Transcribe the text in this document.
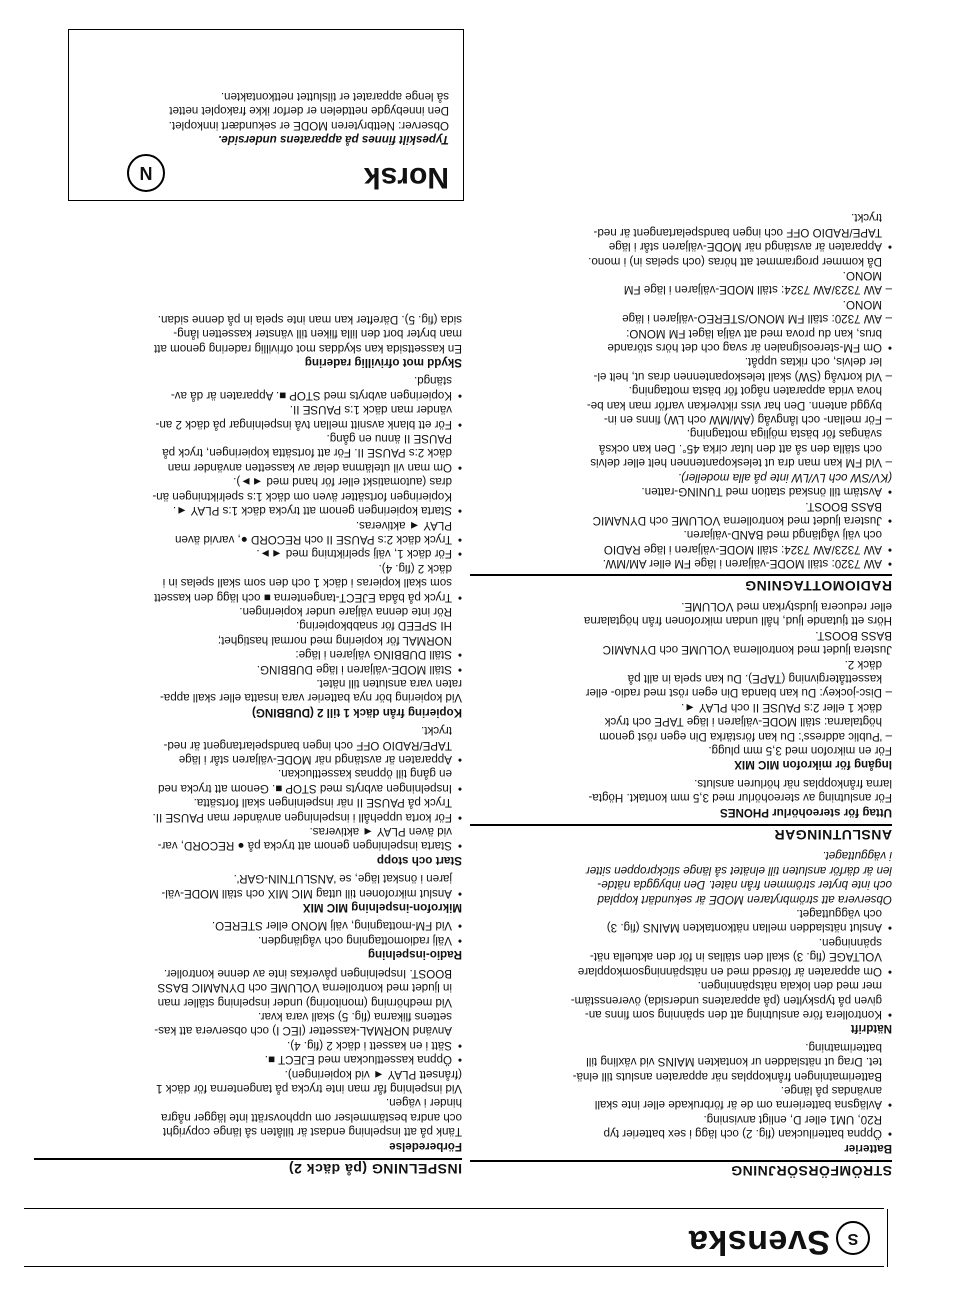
S
Svenska

STRÖMFÖRSÖRJNING

Batterier

• Öppna batteriluckan (fig. 2) och lägg i sex batterier typ

R20, UM1 eller D, enligt anvisning.

• Avlägsna batterierna om de är förbrukade eller inte skall

användas på länge.

Batterimatningen frånkopplas när apparaten ansluts till elnä-

tet. Drag ut nätsladden ur kontakten MAINS vid växling till

batterimatning.

Nätdrift

• Kontrollera före anslutning att den spänning som finns an-

given på typskylten (på apparatens undersida) överensstäm-

mer med den lokala nätspänningen.

• Om apparaten är försedd med en nätspänningsomkopplare

VOLTAGE (fig. 3) skall den ställas in för den aktuella nät-

spänningen.

• Anslut nätsladden mellan nätkontakten MAINS (fig. 3)

och vägguttaget.

Observera att strömbrytaren MODE är sekundärt kopplad

och inte bryter strömmen från nätet. Den inbyggda nätde-

len är därför ansluten till elnätet så länge stickproppen sitter

i vägguttaget.

ANSLUTNINGAR

Uttag för stereohörlur PHONES

För anslutning av stereohörlur med 3,5 mm kontakt. Högta-

larna frånkopplas när hörluren ansluts.

Ingång för mikrofon MIC MIX

För en mikrofon med 3,5 mm plugg.

– 'Public address': Du kan förstärka Din egen röst genom

högtalarna: ställ MODE-väljaren i läge TAPE och tryck

däck 1 eller 2:s PAUSE II och PLAY ◄.

– Disc-jockey: Du kan blanda Din egen röst med radio- eller

kassettåtergivning (TAPE). Du kan spela in allt på

däck 2.

Justera ljudet med kontrollerna VOLUME och DYNAMIC

BASS BOOST.

Hörs ett tjutande ljud, håll undan mikrofonen från högtalarna

eller reducera ljudstyrkan med VOLUME.

RADIOMOTTAGNING

• AW 7320: ställ MODE-väljaren i läge FM eller AM/MW.

• AW 7323/AW 7324: ställ MODE-väljaren i läge RADIO

och välj våglängd med BAND-väljaren.

• Justera ljudet med kontrollerna VOLUME och DYNAMIC

BASS BOOST.

• Avstäm till önskad station med TUNING-ratten.

(KV/SW och LV/LW inte på alla modeller).

– Vid FM kan man dra ut teleskopantennen helt eller delvis

och ställa den så att den lutar cirka 45°. Den kan också

svängas för bästa möjliga mottagning.

– För mellan- och långvåg (AM/MW och LW) finns en in-

byggd antenn. Den har viss riktverkan varför man kan be-

hova vrida apparaten något för bästa mottagning.

– Vid kortvåg (SW) skall teleskopantennen dras ut, helt el-

ler delvis, och riktas uppåt.

• Om FM-stereosignalen är svag och det hörs störande

brus, kan du prova med att välja läget FM MONO:

– AW 7320: ställ FM MONO/STEREO-väljaren i läge

MONO.

– AW 7323/AW 7324: ställ MODE-väljaren i läge FM

MONO.

Då kommer programmet att höras (och spelas in) i mono.

• Apparaten är avstängd när MODE-väljaren står i läge

TAPE/RADIO OFF och ingen bandspelartangent är ned-

tryckt.

INSPELNING (på däck 2)

Förberedelse

Tänk på att inspelning endast är tillåten så länge copyright

och andra bestämmelser om upphovsrätt inte lägger några

hinder i vägen.

Vid inspelning får man inte trycka på tangenterna för däck 1

(frånsett PLAY ◄ vid kopieringen).

• Öppna kassettluckan med EJECT ■.

• Sätt i en kassett i däck 2 (fig. 4).

Använd NORMAL-kassetter (IEC I) och observera att kas-

settens flikarna (fig. 5) skall vara kvar.

Vid medhörning (monitoring) under inspelning ställer man

in ljudet med kontrollerna VOLUME och DYNAMIC BASS

BOOST. Inspelningen påverkas inte av denne kontroller.

Radio-inspelning

• Välj radiomottagning och våglängden.

• Vid FM-mottagning, välj MONO eller STEREO.

Mikrofon-inspelning MIC MIX

• Anslut mikrofonen till uttag MIC MIX och ställ MODE-väl-

jaren i önskat läge, se 'ANSLUTNIN-GAR'.

Start och stopp

• Starta inspelningen genom att trycka på ● RECORD, var-

vid även PLAY ◄ aktiveras.

• För korta uppehåll i inspelningen använder man PAUSE II.

Tryck på PAUSE II när inspelningen skall fortsätta.

• Inspelningen avbryts med STOP ■. Genom att trycka ned

en gång till öppnas kassettluckan.

• Apparaten är avstängd när MODE-väljaren står i läge

TAPE/RADIO OFF och ingen bandspelartangent är ned-

tryckt.

Kopiering från däck 1 till 2 (DUBBING)

Vid kopiering bör nya batterier vara insatta eller skall appa-

raten vara ansluten till nätet.

• Ställ MODE-väljaren i läge DUBBING.

• Ställ DUBBING väljaren i läge:

NORMAL för kopiering med normal hastighet;

HI SPEED för snabbkopiering.

Rör inte denna väljare under kopieringen.

• Tryck på båda EJECT-tangenterna ■ och lägg den kassett

som skall kopieras i däck 1 och den som skall spelas in i

däck 2 (fig. 4).

• För däck 1, välj spelriktning med ◄►.

• Tryck däck 2:s PAUSE II och RECORD ●, varvid även

PLAY ◄ aktiveras.

• Starta kopieringen genom att trycka däck 1:s PLAY ◄.

Kopieringen fortsätter även om däck 1:s spelriktningen än-

dras (automatiskt eller för hand med ◄►).

• Om man vil utelämna delar av kassetten använder man

däck 2:s PAUSE II. För att fortsätta kopieringen, tryck på

PAUSE II ännu en gång.

• För ett blank avsnitt mellan två inspelningar på däck 2 an-

vänder man däck 1:s PAUSE II.

• Kopieringen avbryts med STOP ■. Apparaten är då av-

stängd.

Skydd mot ofrivillig radering

En kassettsida kan skyddas mot ofrivillig radering genom att

man bryter bort den lilla fliken till vänster kassetten lång-

sida (fig. 5). Därefter kan man inte spela in på denne sidan.

Norsk
N

Typeskilt finnes på apparatens underside.

Observer: Nettbryteren MODE er sekundært innkoplet.

Den innebygde nettdelen er derfor ikke frakoplet nettet

så lenge apparatet er tilsluttet nettkontakten.
